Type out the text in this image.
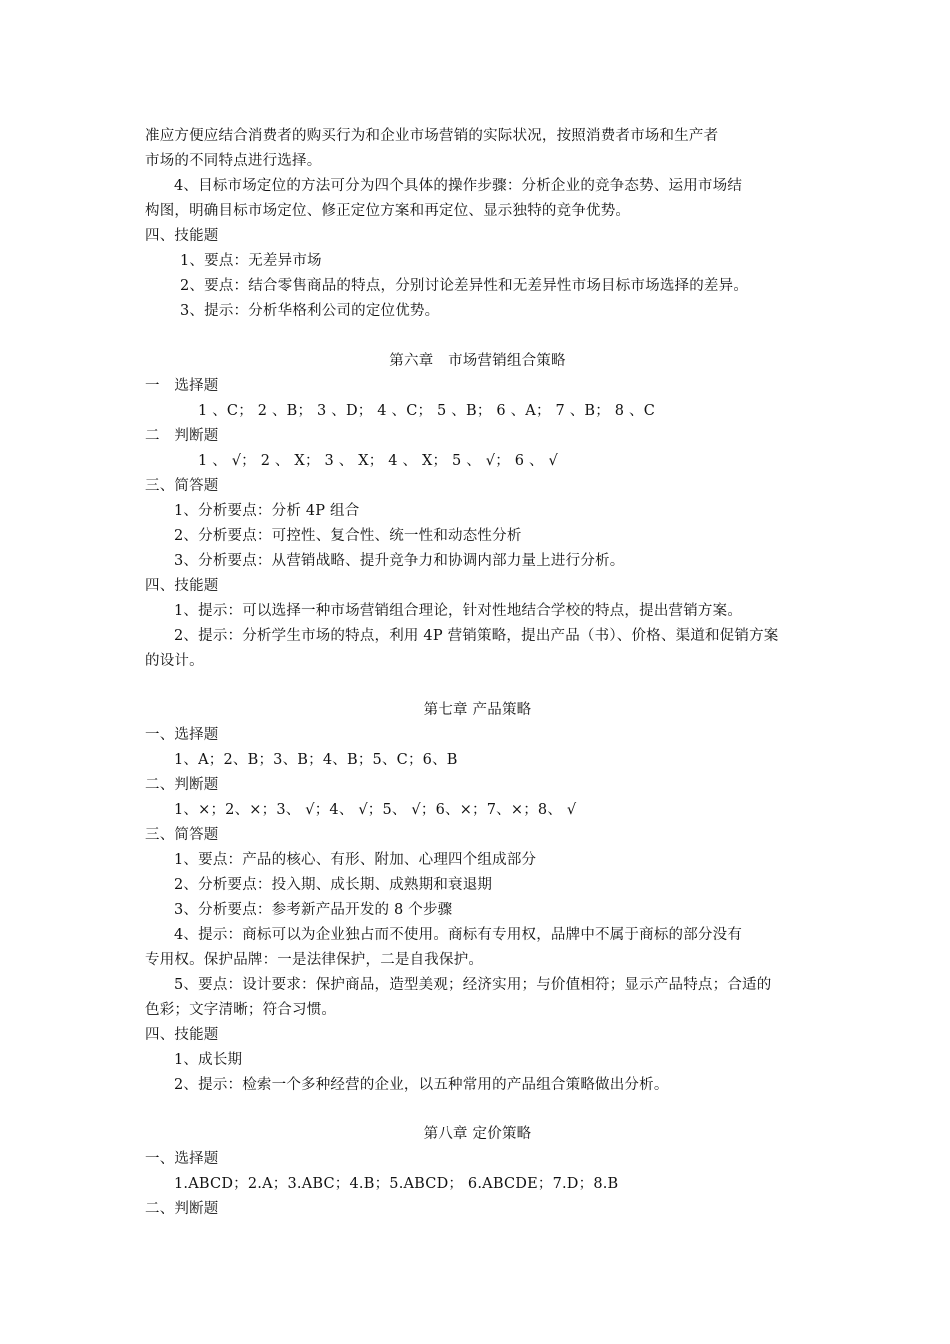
准应方便应结合消费者的购买行为和企业市场营销的实际状况，按照消费者市场和生产者
市场的不同特点进行选择。
4、目标市场定位的方法可分为四个具体的操作步骤：分析企业的竞争态势、运用市场结
构图，明确目标市场定位、修正定位方案和再定位、显示独特的竞争优势。
四、技能题
1、要点：无差异市场
2、要点：结合零售商品的特点，分别讨论差异性和无差异性市场目标市场选择的差异。
3、提示：分析华格利公司的定位优势。
第六章　市场营销组合策略
一　选择题
1 、C； 2 、B； 3 、D； 4 、C； 5 、B； 6 、A； 7 、B； 8 、C
二　判断题
1 、 √； 2 、 X； 3 、 X； 4 、 X； 5 、 √； 6 、 √
三、简答题
1、分析要点：分析 4P 组合
2、分析要点：可控性、复合性、统一性和动态性分析
3、分析要点：从营销战略、提升竞争力和协调内部力量上进行分析。
四、技能题
1、提示：可以选择一种市场营销组合理论，针对性地结合学校的特点，提出营销方案。
2、提示：分析学生市场的特点，利用 4P 营销策略，提出产品（书）、价格、渠道和促销方案
的设计。
第七章 产品策略
一、选择题
1、A；2、B；3、B；4、B；5、C；6、B
二、判断题
1、×；2、×；3、 √；4、 √；5、 √；6、×；7、×；8、 √
三、简答题
1、要点：产品的核心、有形、附加、心理四个组成部分
2、分析要点：投入期、成长期、成熟期和衰退期
3、分析要点：参考新产品开发的 8 个步骤
4、提示：商标可以为企业独占而不使用。商标有专用权，品牌中不属于商标的部分没有
专用权。保护品牌：一是法律保护，二是自我保护。
5、要点：设计要求：保护商品，造型美观；经济实用；与价值相符；显示产品特点；合适的
色彩；文字清晰；符合习惯。
四、技能题
1、成长期
2、提示：检索一个多种经营的企业，以五种常用的产品组合策略做出分析。
第八章 定价策略
一、选择题
1.ABCD；2.A；3.ABC；4.B；5.ABCD； 6.ABCDE；7.D；8.B
二、判断题
